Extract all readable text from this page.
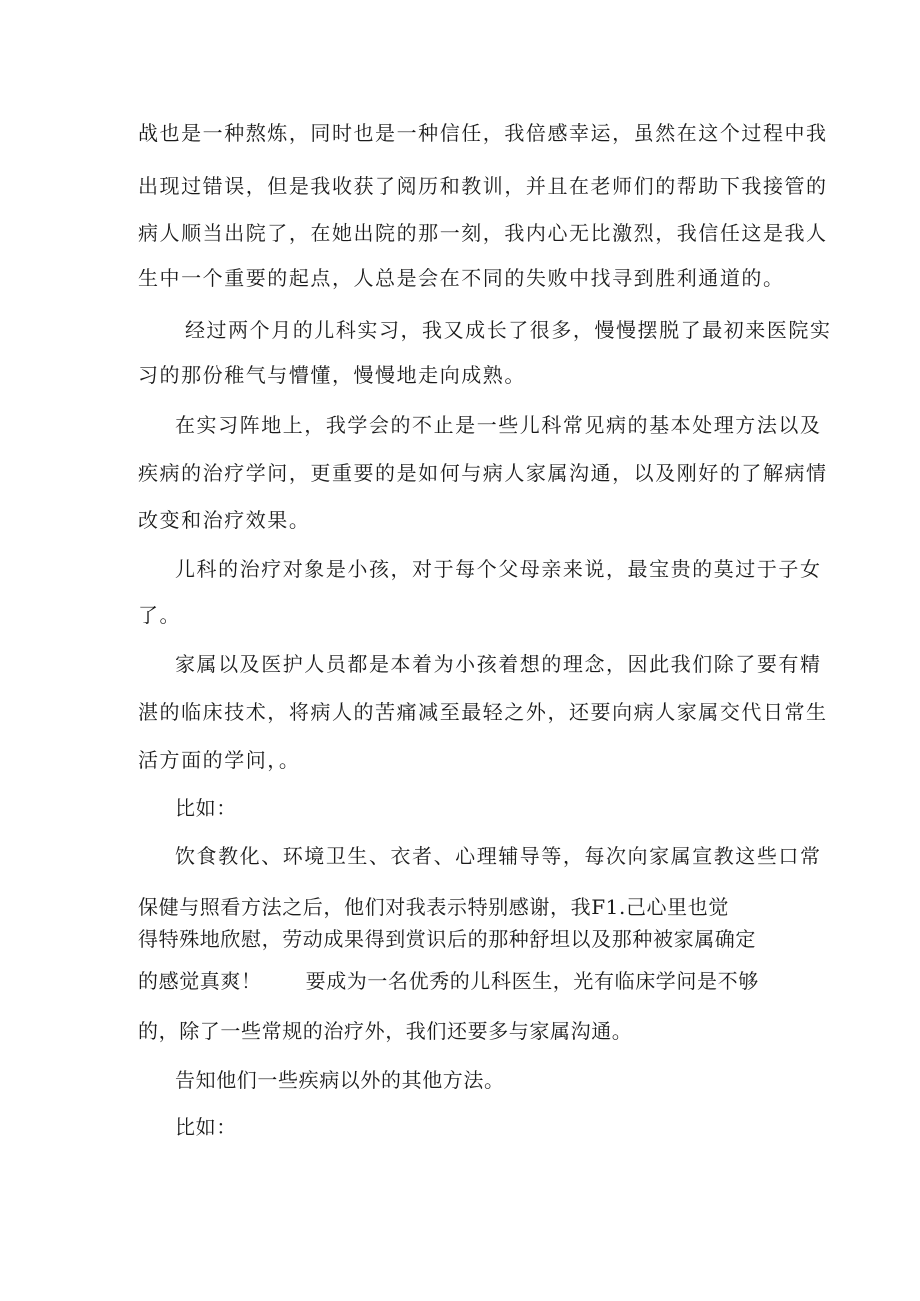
战也是一种熬炼，同时也是一种信任，我倍感幸运，虽然在这个过程中我
出现过错误，但是我收获了阅历和教训，并且在老师们的帮助下我接管的
病人顺当出院了，在她出院的那一刻，我内心无比激烈，我信任这是我人
生中一个重要的起点，人总是会在不同的失败中找寻到胜利通道的。
经过两个月的儿科实习，我又成长了很多，慢慢摆脱了最初来医院实
习的那份稚气与懵懂，慢慢地走向成熟。
在实习阵地上，我学会的不止是一些儿科常见病的基本处理方法以及
疾病的治疗学问，更重要的是如何与病人家属沟通，以及刚好的了解病情
改变和治疗效果。
儿科的治疗对象是小孩，对于每个父母亲来说，最宝贵的莫过于子女
了。
家属以及医护人员都是本着为小孩着想的理念，因此我们除了要有精
湛的临床技术，将病人的苦痛减至最轻之外，还要向病人家属交代日常生
活方面的学问，。
比如：
饮食教化、环境卫生、衣者、心理辅导等，每次向家属宣教这些口常
保健与照看方法之后，他们对我表示特别感谢，我F1.己心里也觉
得特殊地欣慰，劳动成果得到赏识后的那种舒坦以及那种被家属确定
的感觉真爽！ 要成为一名优秀的儿科医生，光有临床学问是不够
的，除了一些常规的治疗外，我们还要多与家属沟通。
告知他们一些疾病以外的其他方法。
比如：
